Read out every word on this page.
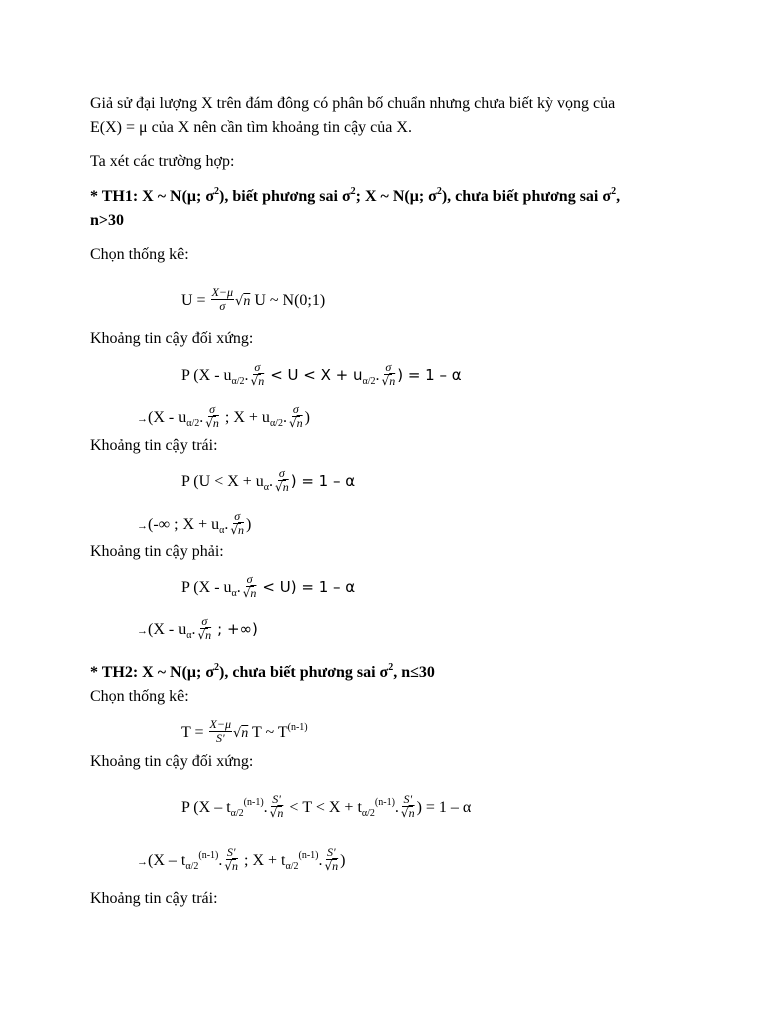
Giả sử đại lượng X trên đám đông có phân bố chuẩn nhưng chưa biết kỳ vọng của
E(X) = μ của X nên cần tìm khoảng tin cậy của X.
Ta xét các trường hợp:
* TH1: X ~ N(μ; $\sigma^2$), biết phương sai $\sigma^2$; X ~ N(μ; $\sigma^2$), chưa biết phương sai $\sigma^2$,
n>30
Chọn thống kê:
$U = \frac{X-\mu}{\sigma} √n$ U ~ N(0;1)
Khoảng tin cậy đối xứng:
P ($X - u_{\alpha/2}$. $\frac{\sigma}{√n} < U < X + u_{\alpha/2}$. $\frac{\sigma}{√n}$ ) = 1 – α
$\to(X - u_{\alpha/2}$. $\frac{\sigma}{√n}$ ; $X + u_{\alpha/2}$. $\frac{\sigma}{√n}$ )
Khoảng tin cậy trái:
P ($U < X + u_\alpha$. $\frac{\sigma}{√n}$ ) = 1 – α
→(-∞ ; $X + u_\alpha$. $\frac{\sigma}{√n}$ )
Khoảng tin cậy phải:
P ($X - u_\alpha$. $\frac{\sigma}{√n} < U) = 1 - \alpha$
$\to(X - u_\alpha$. $\frac{\sigma}{√n}$ ; +∞)
* TH2: X ~ N(μ; $\sigma^2$), chưa biết phương sai $\sigma^2$, n≤30
Chọn thống kê:
$T = \frac{X-\mu}{S'} √n$ T ~ $T^{(n-1)}$
Khoảng tin cậy đối xứng:
P ($X - t_{\alpha/2}^{(n-1)}$. $\frac{S'}{√n} < T < X + t_{\alpha/2}^{(n-1)}$. $\frac{S'}{√n}$ ) = 1 – α
$\to(X - t_{\alpha/2}^{(n-1)}$. $\frac{S'}{√n}$ ; $X + t_{\alpha/2}^{(n-1)}$. $\frac{S'}{√n}$ )
Khoảng tin cậy trái:
